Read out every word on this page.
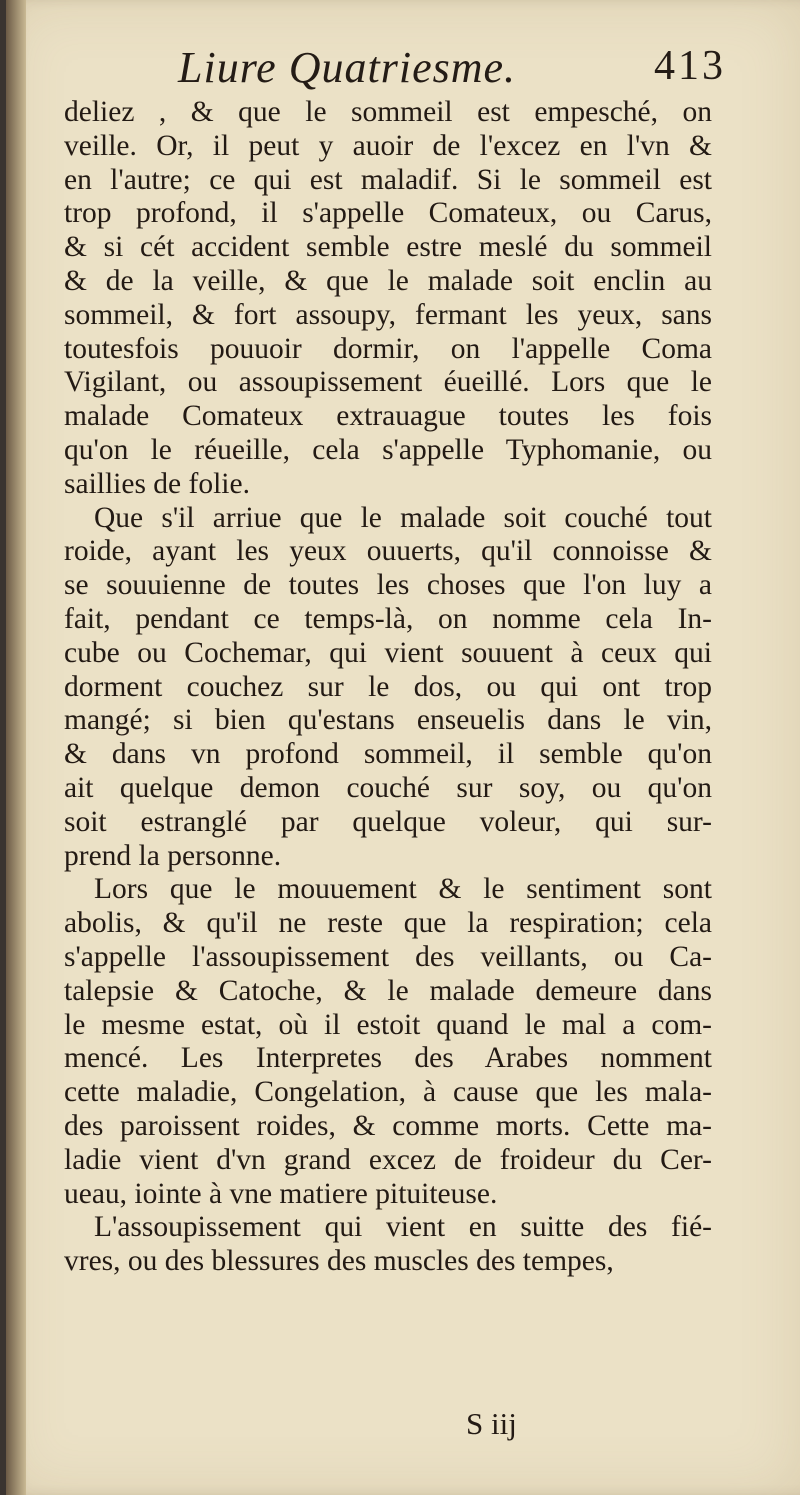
Liure Quatriesme.	413
deliez , & que le sommeil est empesché, on
veille. Or, il peut y auoir de l'excez en l'vn &
en l'autre; ce qui est maladif. Si le sommeil est
trop profond, il s'appelle Comateux, ou Carus,
& si cét accident semble estre meslé du sommeil
& de la veille, & que le malade soit enclin au
sommeil, & fort assoupy, fermant les yeux, sans
toutesfois pouuoir dormir, on l'appelle Coma
Vigilant, ou assoupissement éueillé. Lors que le
malade Comateux extrauague toutes les fois
qu'on le réueille, cela s'appelle Typhomanie, ou
saillies de folie.
Que s'il arriue que le malade soit couché tout
roide, ayant les yeux ouuerts, qu'il connoisse &
se souuienne de toutes les choses que l'on luy a
fait, pendant ce temps-là, on nomme cela In-
cube ou Cochemar, qui vient souuent à ceux qui
dorment couchez sur le dos, ou qui ont trop
mangé; si bien qu'estans enseuelis dans le vin,
& dans vn profond sommeil, il semble qu'on
ait quelque demon couché sur soy, ou qu'on
soit estranglé par quelque voleur, qui sur-
prend la personne.
Lors que le mouuement & le sentiment sont
abolis, & qu'il ne reste que la respiration; cela
s'appelle l'assoupissement des veillants, ou Ca-
talepsie & Catoche, & le malade demeure dans
le mesme estat, où il estoit quand le mal a com-
mencé. Les Interpretes des Arabes nomment
cette maladie, Congelation, à cause que les mala-
des paroissent roides, & comme morts. Cette ma-
ladie vient d'vn grand excez de froideur du Cer-
ueau, iointe à vne matiere pituiteuse.
L'assoupissement qui vient en suitte des fié-
vres, ou des blessures des muscles des tempes,
S iij
